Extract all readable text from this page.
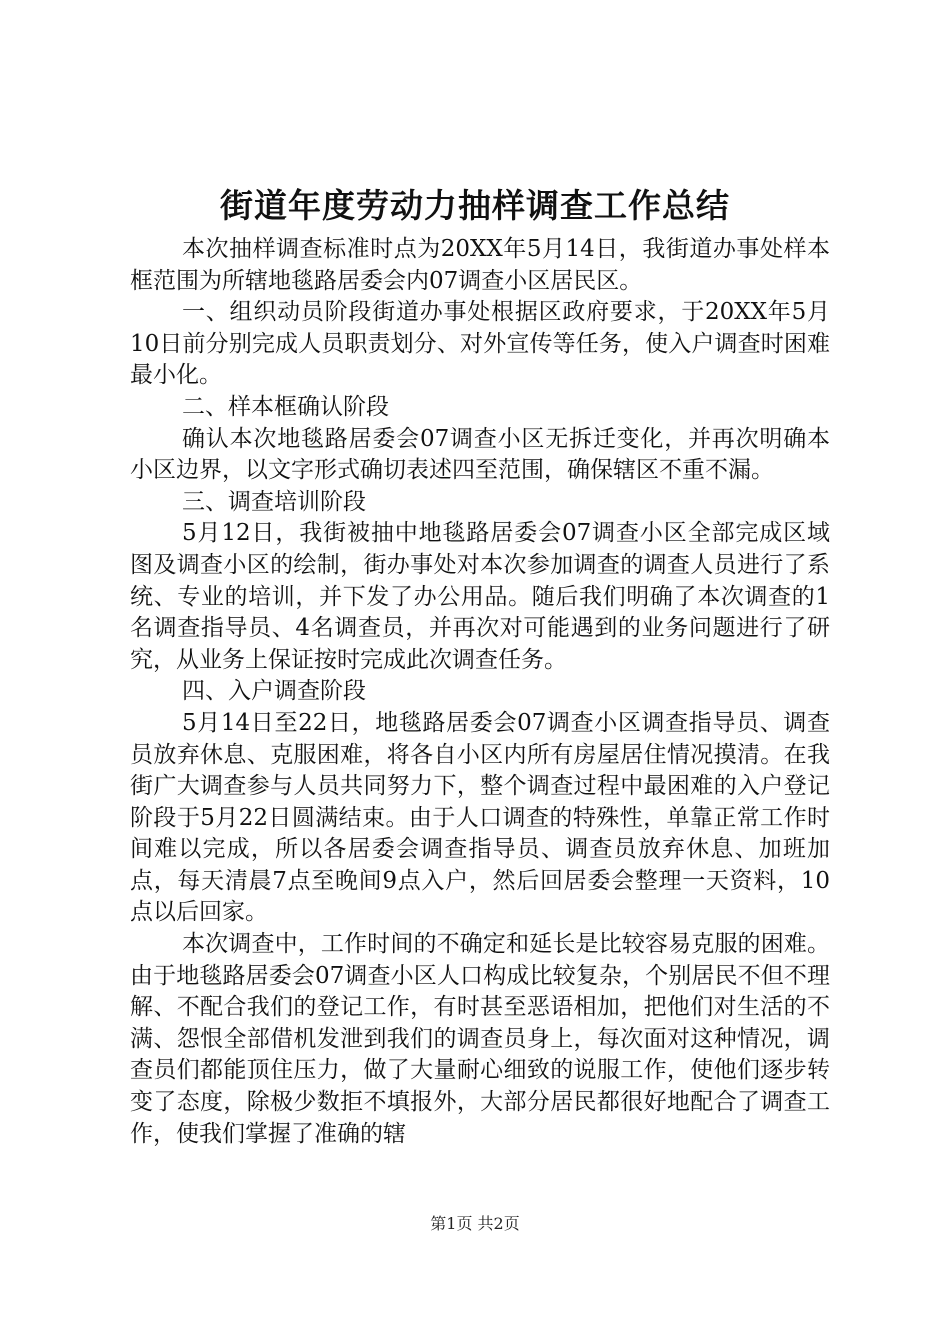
街道年度劳动力抽样调查工作总结

本次抽样调查标准时点为20XX年5月14日，我街道办事处样本框范围为所辖地毯路居委会内07调查小区居民区。

一、组织动员阶段街道办事处根据区政府要求，于20XX年5月10日前分别完成人员职责划分、对外宣传等任务，使入户调查时困难最小化。

二、样本框确认阶段

确认本次地毯路居委会07调查小区无拆迁变化，并再次明确本小区边界，以文字形式确切表述四至范围，确保辖区不重不漏。

三、调查培训阶段

5月12日，我街被抽中地毯路居委会07调查小区全部完成区域图及调查小区的绘制，街办事处对本次参加调查的调查人员进行了系统、专业的培训，并下发了办公用品。随后我们明确了本次调查的1名调查指导员、4名调查员，并再次对可能遇到的业务问题进行了研究，从业务上保证按时完成此次调查任务。

四、入户调查阶段

5月14日至22日，地毯路居委会07调查小区调查指导员、调查员放弃休息、克服困难，将各自小区内所有房屋居住情况摸清。在我街广大调查参与人员共同努力下，整个调查过程中最困难的入户登记阶段于5月22日圆满结束。由于人口调查的特殊性，单靠正常工作时间难以完成，所以各居委会调查指导员、调查员放弃休息、加班加点，每天清晨7点至晚间9点入户，然后回居委会整理一天资料，10点以后回家。

本次调查中，工作时间的不确定和延长是比较容易克服的困难。由于地毯路居委会07调查小区人口构成比较复杂，个别居民不但不理解、不配合我们的登记工作，有时甚至恶语相加，把他们对生活的不满、怨恨全部借机发泄到我们的调查员身上，每次面对这种情况，调查员们都能顶住压力，做了大量耐心细致的说服工作，使他们逐步转变了态度，除极少数拒不填报外，大部分居民都很好地配合了调查工作，使我们掌握了准确的辖

第1页 共2页
